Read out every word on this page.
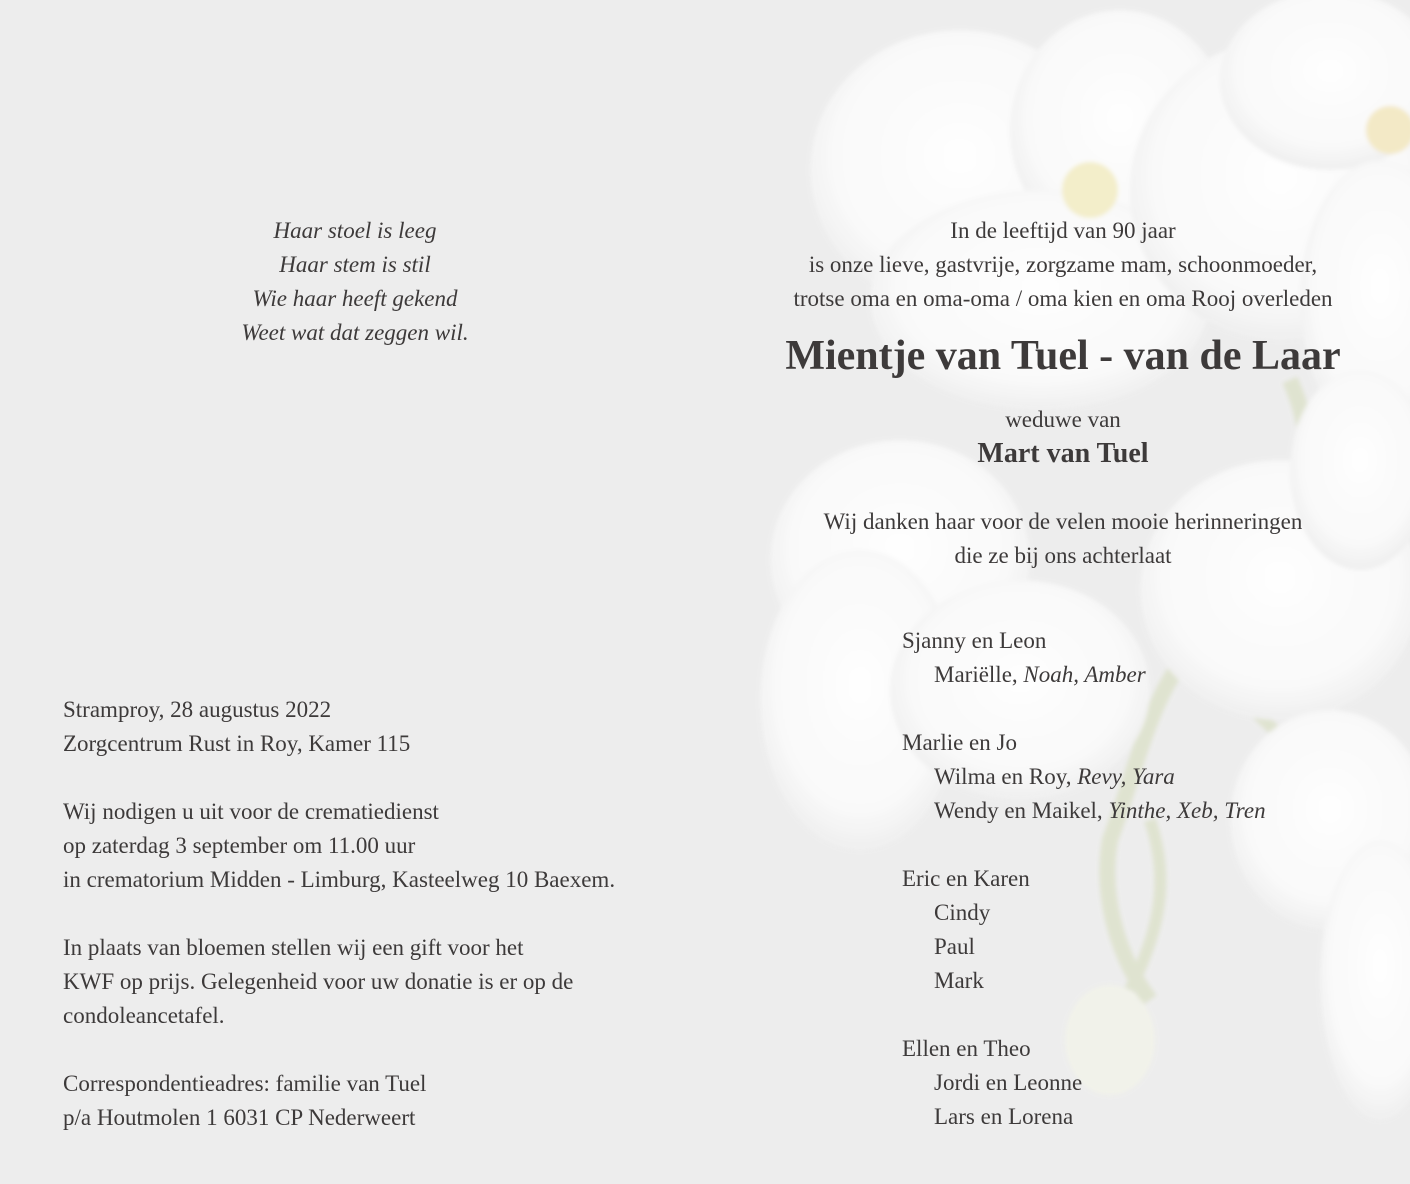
Haar stoel is leeg
Haar stem is stil
Wie haar heeft gekend
Weet wat dat zeggen wil.
In de leeftijd van 90 jaar
is onze lieve, gastvrije, zorgzame mam, schoonmoeder,
trotse oma en oma-oma / oma kien en oma Rooj overleden
Mientje van Tuel - van de Laar
weduwe van
Mart van Tuel
Wij danken haar voor de velen mooie herinneringen
die ze bij ons achterlaat
Sjanny en Leon
Mariëlle, Noah, Amber
Marlie en Jo
Wilma en Roy, Revy, Yara
Wendy en Maikel, Yinthe, Xeb, Tren
Eric en Karen
Cindy
Paul
Mark
Ellen en Theo
Jordi en Leonne
Lars en Lorena
Stramproy, 28 augustus 2022
Zorgcentrum Rust in Roy, Kamer 115
Wij nodigen u uit voor de crematiedienst
op zaterdag 3 september om 11.00 uur
in crematorium Midden - Limburg, Kasteelweg 10 Baexem.
In plaats van bloemen stellen wij een gift voor het
KWF op prijs. Gelegenheid voor uw donatie is er op de
condoleancetafel.
Correspondentieadres: familie van Tuel
p/a Houtmolen 1 6031 CP Nederweert
